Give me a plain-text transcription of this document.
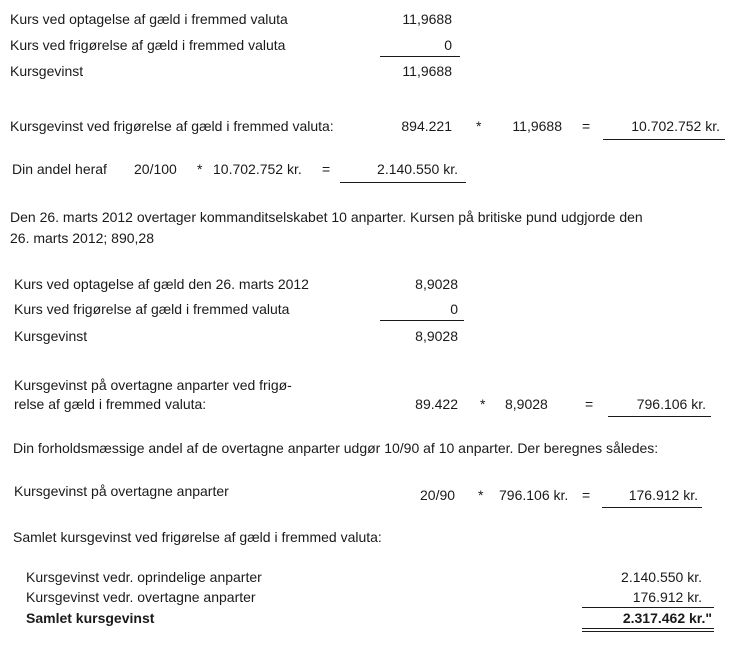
Kurs ved optagelse af gæld i fremmed valuta	11,9688
Kurs ved frigørelse af gæld i fremmed valuta	0
Kursgevinst	11,9688
Kursgevinst ved frigørelse af gæld i fremmed valuta:	894.221 *	11,9688 =	10.702.752 kr.
Din andel heraf 20/100 * 10.702.752 kr. =	2.140.550 kr.
Den 26. marts 2012 overtager kommanditselskabet 10 anparter. Kursen på britiske pund udgjorde den
26. marts 2012; 890,28
Kurs ved optagelse af gæld den 26. marts 2012	8,9028
Kurs ved frigørelse af gæld i fremmed valuta	0
Kursgevinst	8,9028
Kursgevinst på overtagne anparter ved frigø-
relse af gæld i fremmed valuta:	89.422 * 8,9028	=	796.106 kr.
Din forholdsmæssige andel af de overtagne anparter udgør 10/90 af 10 anparter. Der beregnes således:
Kursgevinst på overtagne anparter	20/90 * 796.106 kr. =	176.912 kr.
Samlet kursgevinst ved frigørelse af gæld i fremmed valuta:
Kursgevinst vedr. oprindelige anparter	2.140.550 kr.
Kursgevinst vedr. overtagne anparter	176.912 kr.
Samlet kursgevinst	2.317.462 kr."
